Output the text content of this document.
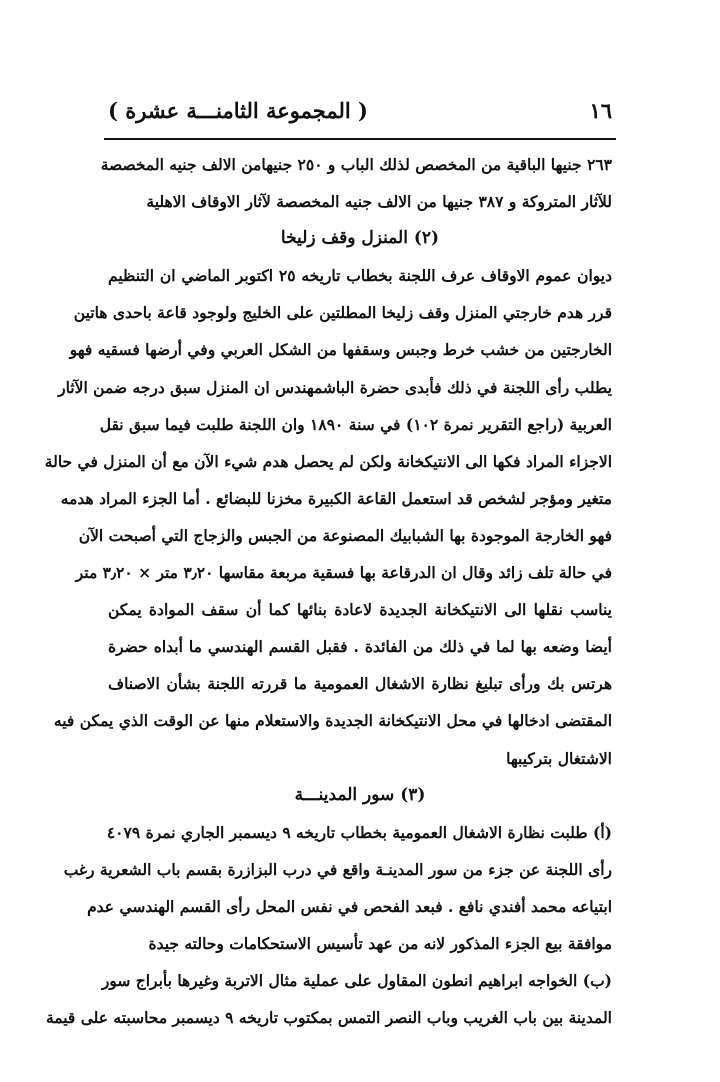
١٦
( المجموعة الثامنـــة عشرة )
٢٦٣ جنيها الباقية من المخصص لذلك الباب و ٢٥٠ جنيهامن الالف جنيه المخصصة
للآثار المتروكة و ٣٨٧ جنيها من الالف جنيه المخصصة لآثار الاوقاف الاهلية
(٢) المنزل وقف زليخا
ديوان عموم الاوقاف عرف اللجنة بخطاب تاريخه ٢٥ اكتوبر الماضي ان التنظيم
قرر هدم خارجتي المنزل وقف زليخا المطلتين على الخليج ولوجود قاعة باحدى هاتين
الخارجتين من خشب خرط وجبس وسقفها من الشكل العربي وفي أرضها فسقيه فهو
يطلب رأى اللجنة في ذلك فأبدى حضرة الباشمهندس ان المنزل سبق درجه ضمن الآثار
العربية (راجع التقرير نمرة ١٠٢) في سنة ١٨٩٠ وان اللجنة طلبت فيما سبق نقل
الاجزاء المراد فكها الى الانتيكخانة ولكن لم يحصل هدم شيء الآن مع أن المنزل في حالة
متغير ومؤجر لشخص قد استعمل القاعة الكبيرة مخزنا للبضائع . أما الجزء المراد هدمه
فهو الخارجة الموجودة بها الشبابيك المصنوعة من الجبس والزجاج التي أصبحت الآن
في حالة تلف زائد وقال ان الدرقاعة بها فسقية مربعة مقاسها ٣٫٢٠ متر × ٣٫٢٠ متر
يناسب نقلها الى الانتيكخانة الجديدة لاعادة بنائها كما أن سقف الموادة يمكن
أيضا وضعه بها لما في ذلك من الفائدة . فقبل القسم الهندسي ما أبداه حضرة
هرتس بك ورأى تبليغ نظارة الاشغال العمومية ما قررته اللجنة بشأن الاصناف
المقتضى ادخالها في محل الانتيكخانة الجديدة والاستعلام منها عن الوقت الذي يمكن فيه
الاشتغال بتركيبها
(٣) سور المدينـــة
(أ) طلبت نظارة الاشغال العمومية بخطاب تاريخه ٩ ديسمبر الجاري نمرة ٤٠٧٩
رأى اللجنة عن جزء من سور المدينـة واقع في درب البزازرة بقسم باب الشعرية رغب
ابتياعه محمد أفندي نافع . فبعد الفحص في نفس المحل رأى القسم الهندسي عدم
موافقة بيع الجزء المذكور لانه من عهد تأسيس الاستحكامات وحالته جيدة
(ب) الخواجه ابراهيم انطون المقاول على عملية مثال الاتربة وغيرها بأبراج سور
المدينة بين باب الغريب وباب النصر التمس بمكتوب تاريخه ٩ ديسمبر محاسبته على قيمة
